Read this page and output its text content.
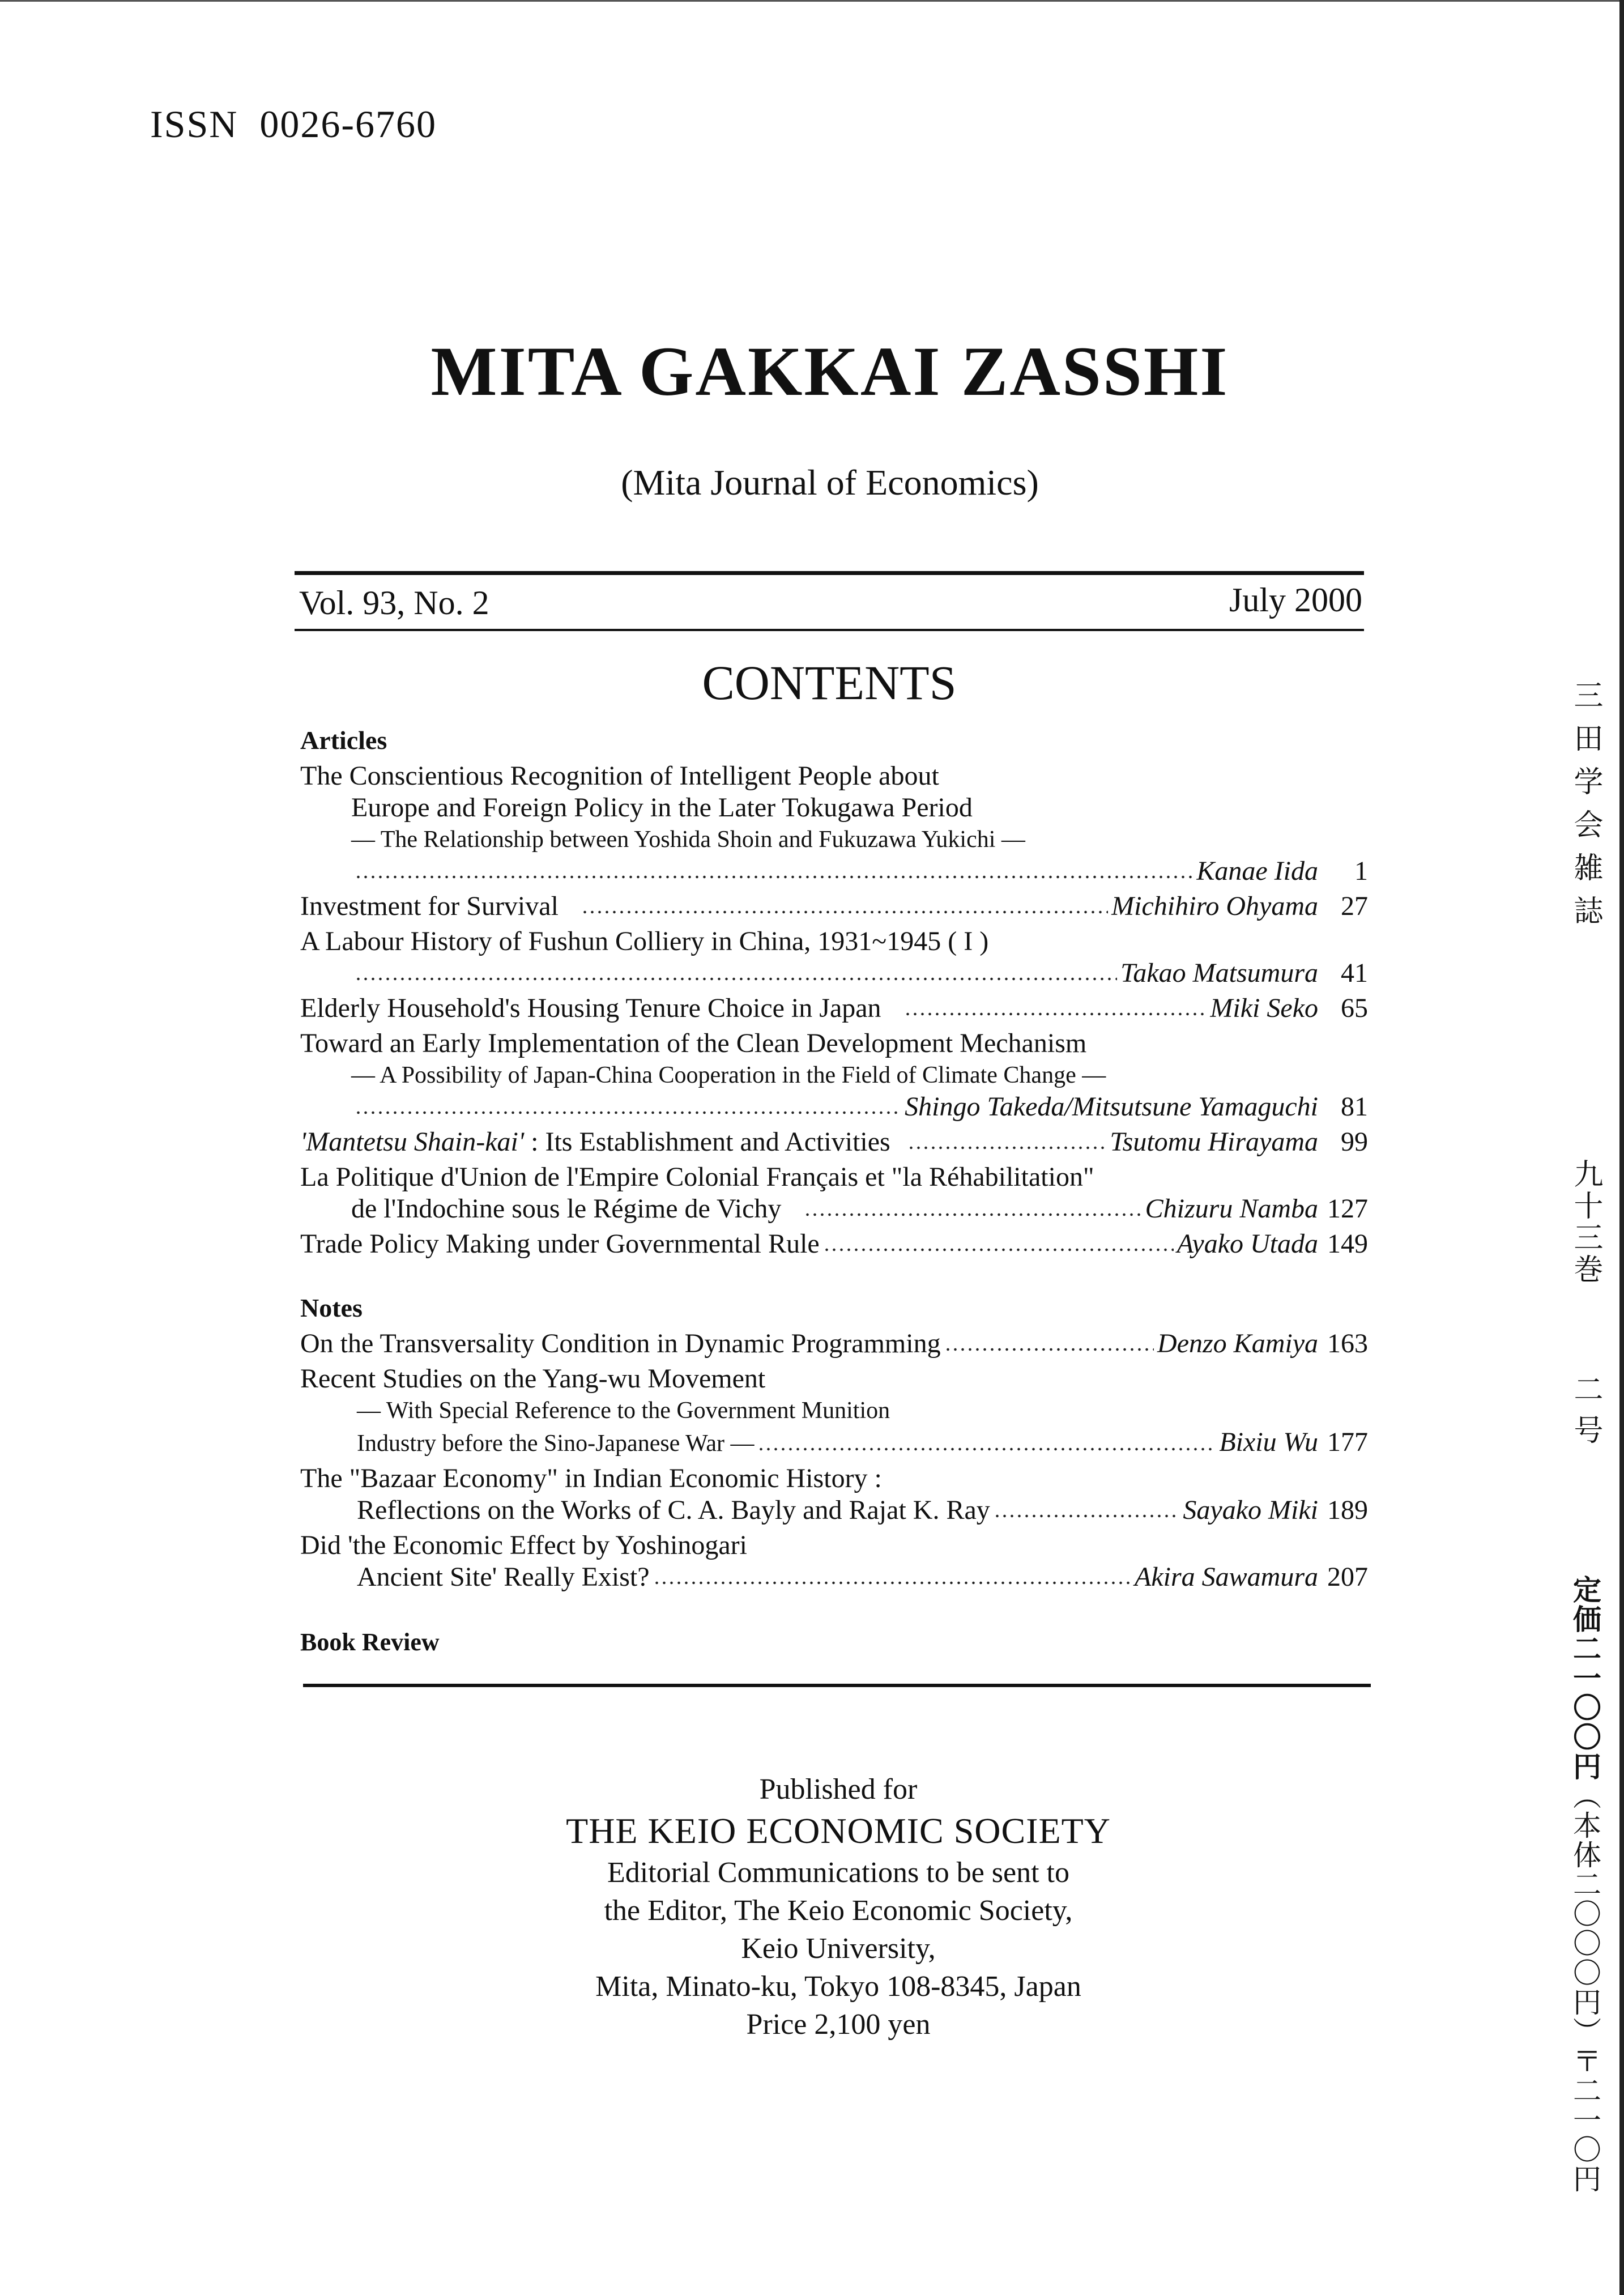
ISSN  0026-6760
MITA GAKKAI ZASSHI
(Mita Journal of Economics)
Vol. 93, No. 2	July 2000
CONTENTS
Articles
The Conscientious Recognition of Intelligent People about
Europe and Foreign Policy in the Later Tokugawa Period
— The Relationship between Yoshida Shoin and Fukuzawa Yukichi —
Kanae Iida	1
Investment for Survival	Michihiro Ohyama 27
A Labour History of Fushun Colliery in China, 1931~1945 ( I )
Takao Matsumura 41
Elderly Household's Housing Tenure Choice in Japan	Miki Seko 65
Toward an Early Implementation of the Clean Development Mechanism
— A Possibility of Japan-China Cooperation in the Field of Climate Change —
Shingo Takeda/Mitsutsune Yamaguchi 81
'Mantetsu Shain-kai' : Its Establishment and Activities	Tsutomu Hirayama 99
La Politique d'Union de l'Empire Colonial Français et "la Réhabilitation"
de l'Indochine sous le Régime de Vichy	Chizuru Namba 127
Trade Policy Making under Governmental Rule	Ayako Utada 149
Notes
On the Transversality Condition in Dynamic Programming	Denzo Kamiya 163
Recent Studies on the Yang-wu Movement
— With Special Reference to the Government Munition
Industry before the Sino-Japanese War —	Bixiu Wu 177
The "Bazaar Economy" in Indian Economic History :
Reflections on the Works of C. A. Bayly and Rajat K. Ray	Sayako Miki 189
Did 'the Economic Effect by Yoshinogari
Ancient Site' Really Exist?	Akira Sawamura 207
Book Review
Published for
THE KEIO ECONOMIC SOCIETY
Editorial Communications to be sent to
the Editor, The Keio Economic Society,
Keio University,
Mita, Minato-ku, Tokyo 108-8345, Japan
Price 2,100 yen
三田学会雑誌
九十三巻
二号
定価二一〇〇円（本体二〇〇〇円）〒二一〇円
